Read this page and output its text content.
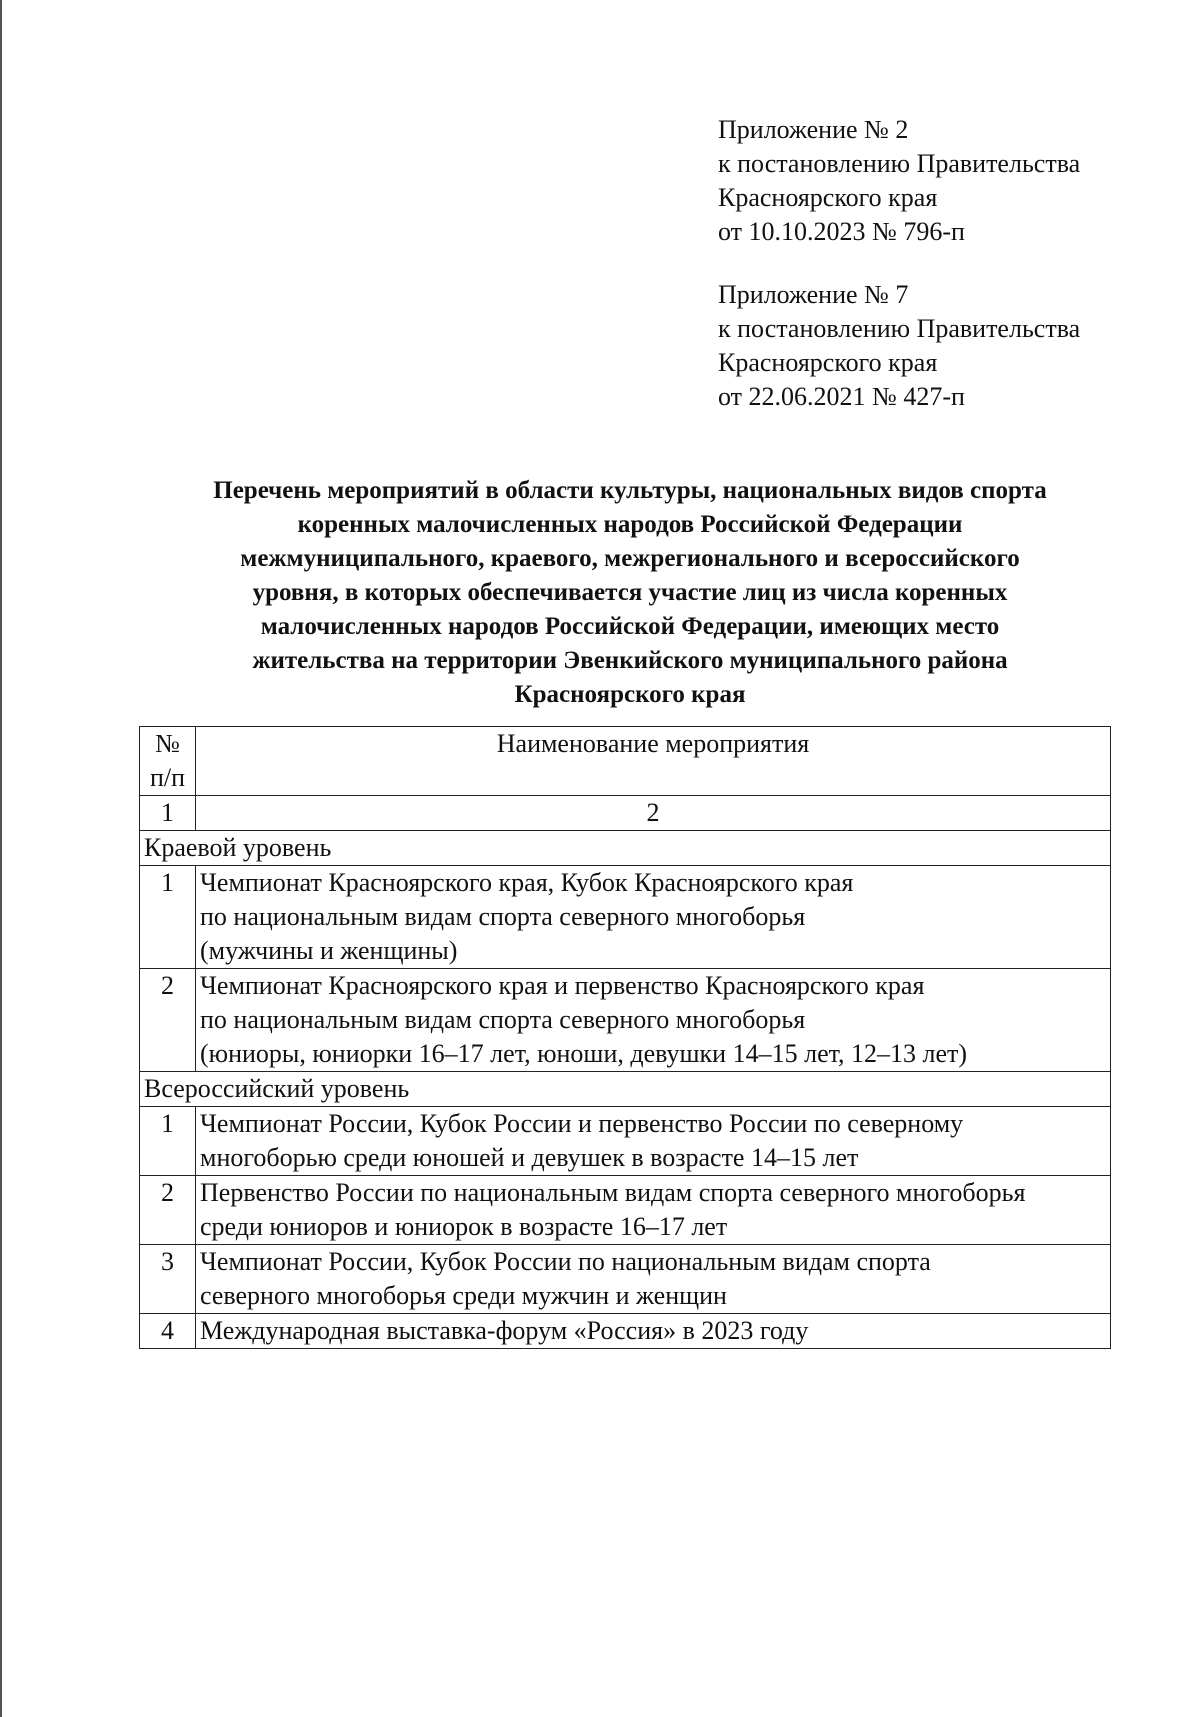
Приложение № 2
к постановлению Правительства
Красноярского края
от 10.10.2023 № 796-п
Приложение № 7
к постановлению Правительства
Красноярского края
от 22.06.2021 № 427-п
Перечень мероприятий в области культуры, национальных видов спорта
коренных малочисленных народов Российской Федерации
межмуниципального, краевого, межрегионального и всероссийского
уровня, в которых обеспечивается участие лиц из числа коренных
малочисленных народов Российской Федерации, имеющих место
жительства на территории Эвенкийского муниципального района
Красноярского края
№
п/п	Наименование мероприятия
1	2
Краевой уровень	
1	Чемпионат Красноярского края, Кубок Красноярского края
по национальным видам спорта северного многоборья
(мужчины и женщины)

2	Чемпионат Красноярского края и первенство Красноярского края
по национальным видам спорта северного многоборья
(юниоры, юниорки 16–17 лет, юноши, девушки 14–15 лет, 12–13 лет)

Всероссийский уровень	
1	Чемпионат России, Кубок России и первенство России по северному
многоборью среди юношей и девушек в возрасте 14–15 лет

2	Первенство России по национальным видам спорта северного многоборья
среди юниоров и юниорок в возрасте 16–17 лет

3	Чемпионат России, Кубок России по национальным видам спорта
северного многоборья среди мужчин и женщин

4	Международная выставка-форум «Россия» в 2023 году
